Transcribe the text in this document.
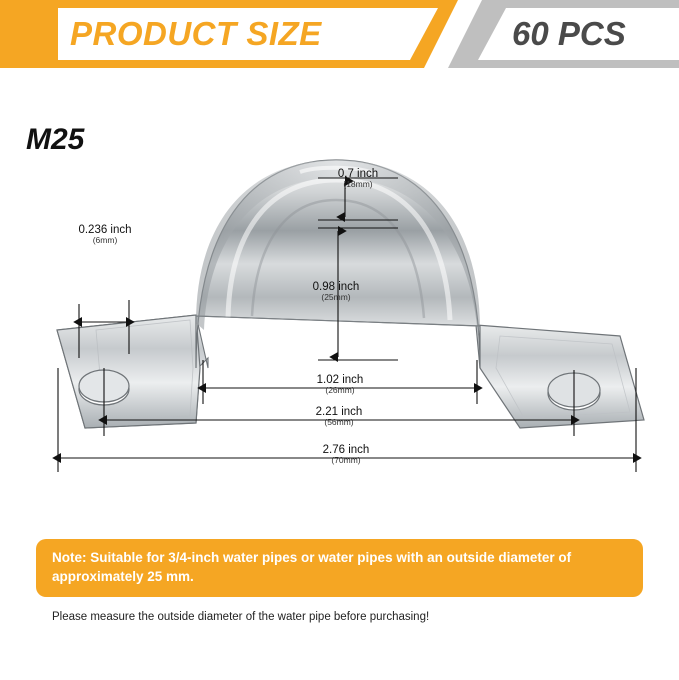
PRODUCT SIZE	60 PCS
M25
0.236 inch
(6mm)
0.7 inch
(18mm)
0.98 inch
(25mm)
1.02 inch
(26mm)
2.21 inch
(56mm)
2.76 inch
(70mm)
Note: Suitable for 3/4-inch water pipes or water pipes with an outside diameter of approximately 25 mm.
Please measure the outside diameter of the water pipe before purchasing!
